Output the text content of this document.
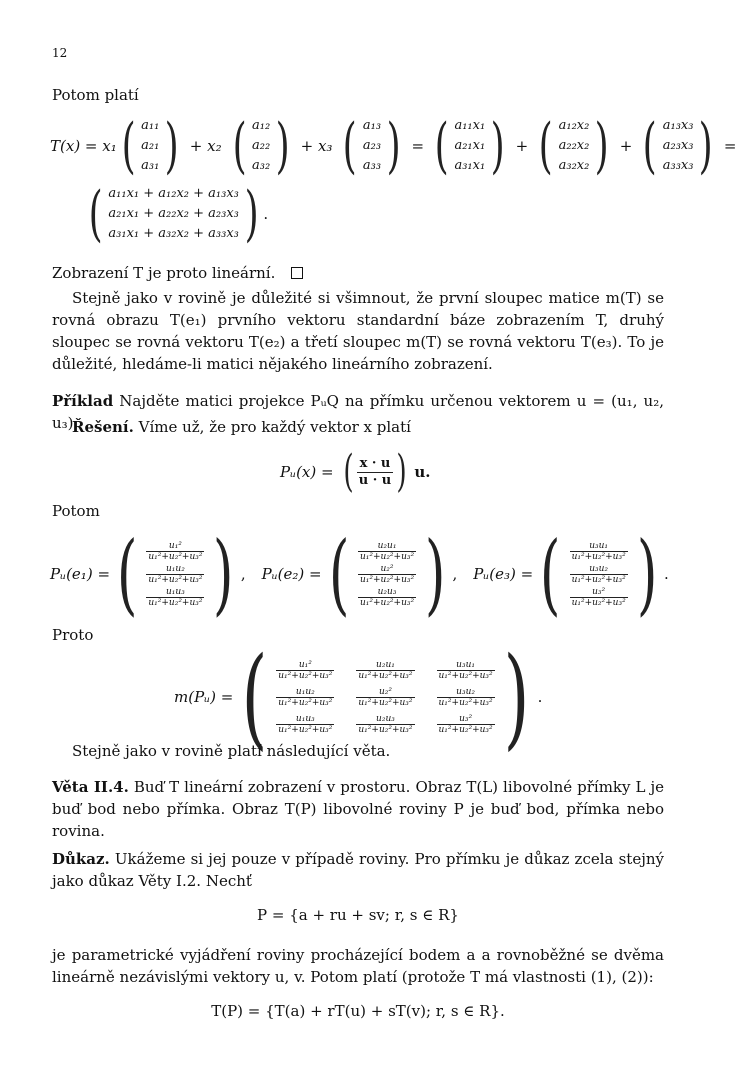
12
Potom platí
T(x) = x₁ ( a₁₁
a₂₁
a₃₁ ) + x₂ ( a₁₂
a₂₂
a₃₂ ) + x₃ ( a₁₃
a₂₃
a₃₃ ) = ( a₁₁x₁
a₂₁x₁
a₃₁x₁ ) + ( a₁₂x₂
a₂₂x₂
a₃₂x₂ ) + ( a₁₃x₃
a₂₃x₃
a₃₃x₃ ) =
( a₁₁x₁ + a₁₂x₂ + a₁₃x₃
a₂₁x₁ + a₂₂x₂ + a₂₃x₃
a₃₁x₁ + a₃₂x₂ + a₃₃x₃ ) .
Zobrazení T je proto lineární.
Stejně jako v rovině je důležité si všimnout, že první sloupec matice m(T) se rovná obrazu T(e₁) prvního vektoru standardní báze zobrazením T, druhý sloupec se rovná vektoru T(e₂) a třetí sloupec m(T) se rovná vektoru T(e₃). To je důležité, hledáme-li matici nějakého lineárního zobrazení.
Příklad Najděte matici projekce PᵤQ na přímku určenou vektorem u = (u₁, u₂, u₃).
Řešení. Víme už, že pro každý vektor x platí
Pᵤ(x) = ( $\frac{x \cdot u}{u \cdot u}$ ) u.
Potom
Pᵤ(e₁) = ( $\frac{\text{u₁²}}{\text{u₁²+u₂²+u₃²}}$
$\frac{\text{u₁u₂}}{\text{u₁²+u₂²+u₃²}}$
$\frac{\text{u₁u₃}}{\text{u₁²+u₂²+u₃²}}$ ) , Pᵤ(e₂) = ( $\frac{\text{u₂u₁}}{\text{u₁²+u₂²+u₃²}}$
$\frac{\text{u₂²}}{\text{u₁²+u₂²+u₃²}}$
$\frac{\text{u₂u₃}}{\text{u₁²+u₂²+u₃²}}$ ) , Pᵤ(e₃) = ( $\frac{\text{u₃u₁}}{\text{u₁²+u₂²+u₃²}}$
$\frac{\text{u₃u₂}}{\text{u₁²+u₂²+u₃²}}$
$\frac{\text{u₃²}}{\text{u₁²+u₂²+u₃²}}$ ) .
Proto
m(Pᵤ) = ( $\frac{\text{u₁²}}{\text{u₁²+u₂²+u₃²}} \frac{\text{u₂u₁}}{\text{u₁²+u₂²+u₃²}} \frac{\text{u₃u₁}}{\text{u₁²+u₂²+u₃²}}$
$\frac{\text{u₁u₂}}{\text{u₁²+u₂²+u₃²}} \frac{\text{u₂²}}{\text{u₁²+u₂²+u₃²}} \frac{\text{u₃u₂}}{\text{u₁²+u₂²+u₃²}}$
$\frac{\text{u₁u₃}}{\text{u₁²+u₂²+u₃²}} \frac{\text{u₂u₃}}{\text{u₁²+u₂²+u₃²}} \frac{\text{u₃²}}{\text{u₁²+u₂²+u₃²}}$ ) .
Stejně jako v rovině platí následující věta.
Věta II.4. Buď T lineární zobrazení v prostoru. Obraz T(L) libovolné přímky L je buď bod nebo přímka. Obraz T(P) libovolné roviny P je buď bod, přímka nebo rovina.
Důkaz. Ukážeme si jej pouze v případě roviny. Pro přímku je důkaz zcela stejný jako důkaz Věty I.2. Nechť
P = {a + ru + sv; r, s ∈ R}
je parametrické vyjádření roviny procházející bodem a a rovnoběžné se dvěma lineárně nezávislými vektory u, v. Potom platí (protože T má vlastnosti (1), (2)):
T(P) = {T(a) + rT(u) + sT(v); r, s ∈ R}.
